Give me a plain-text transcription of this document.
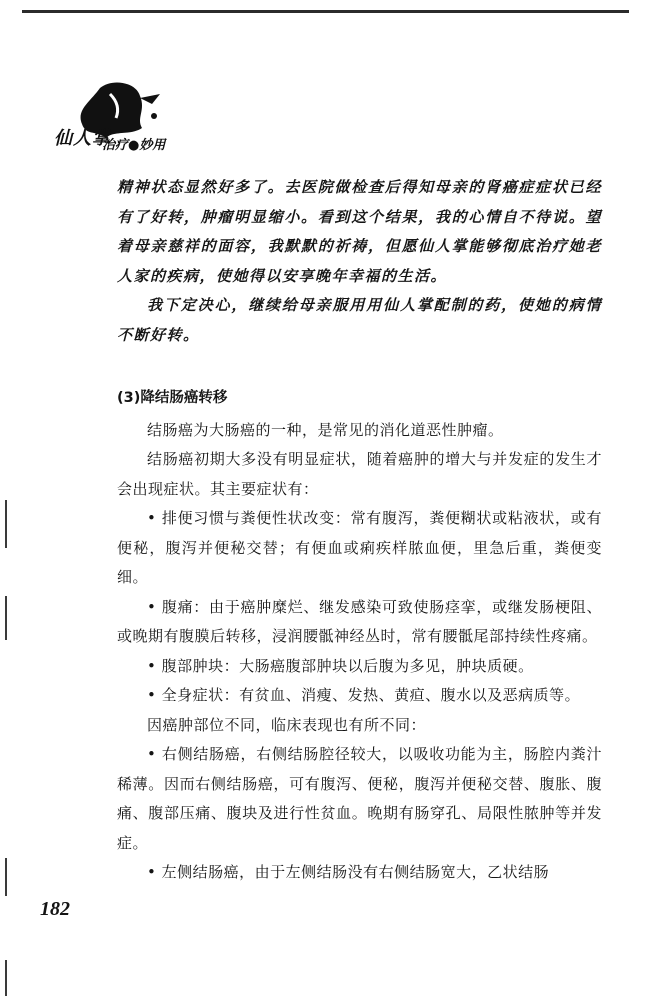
仙人掌
治疗●妙用

精神状态显然好多了。去医院做检查后得知母亲的肾癌症症状已经有了好转，肿瘤明显缩小。看到这个结果，我的心情自不待说。望着母亲慈祥的面容，我默默的祈祷，但愿仙人掌能够彻底治疗她老人家的疾病，使她得以安享晚年幸福的生活。

我下定决心，继续给母亲服用用仙人掌配制的药，使她的病情不断好转。

(3)降结肠癌转移

结肠癌为大肠癌的一种，是常见的消化道恶性肿瘤。

结肠癌初期大多没有明显症状，随着癌肿的增大与并发症的发生才会出现症状。其主要症状有：

• 排便习惯与粪便性状改变：常有腹泻，粪便糊状或粘液状，或有便秘，腹泻并便秘交替；有便血或痢疾样脓血便，里急后重，粪便变细。

• 腹痛：由于癌肿糜烂、继发感染可致使肠痉挛，或继发肠梗阻、或晚期有腹膜后转移，浸润腰骶神经丛时，常有腰骶尾部持续性疼痛。

• 腹部肿块：大肠癌腹部肿块以后腹为多见，肿块质硬。

• 全身症状：有贫血、消瘦、发热、黄疸、腹水以及恶病质等。

因癌肿部位不同，临床表现也有所不同：

• 右侧结肠癌，右侧结肠腔径较大，以吸收功能为主，肠腔内粪汁稀薄。因而右侧结肠癌，可有腹泻、便秘，腹泻并便秘交替、腹胀、腹痛、腹部压痛、腹块及进行性贫血。晚期有肠穿孔、局限性脓肿等并发症。

• 左侧结肠癌，由于左侧结肠没有右侧结肠宽大，乙状结肠

182
